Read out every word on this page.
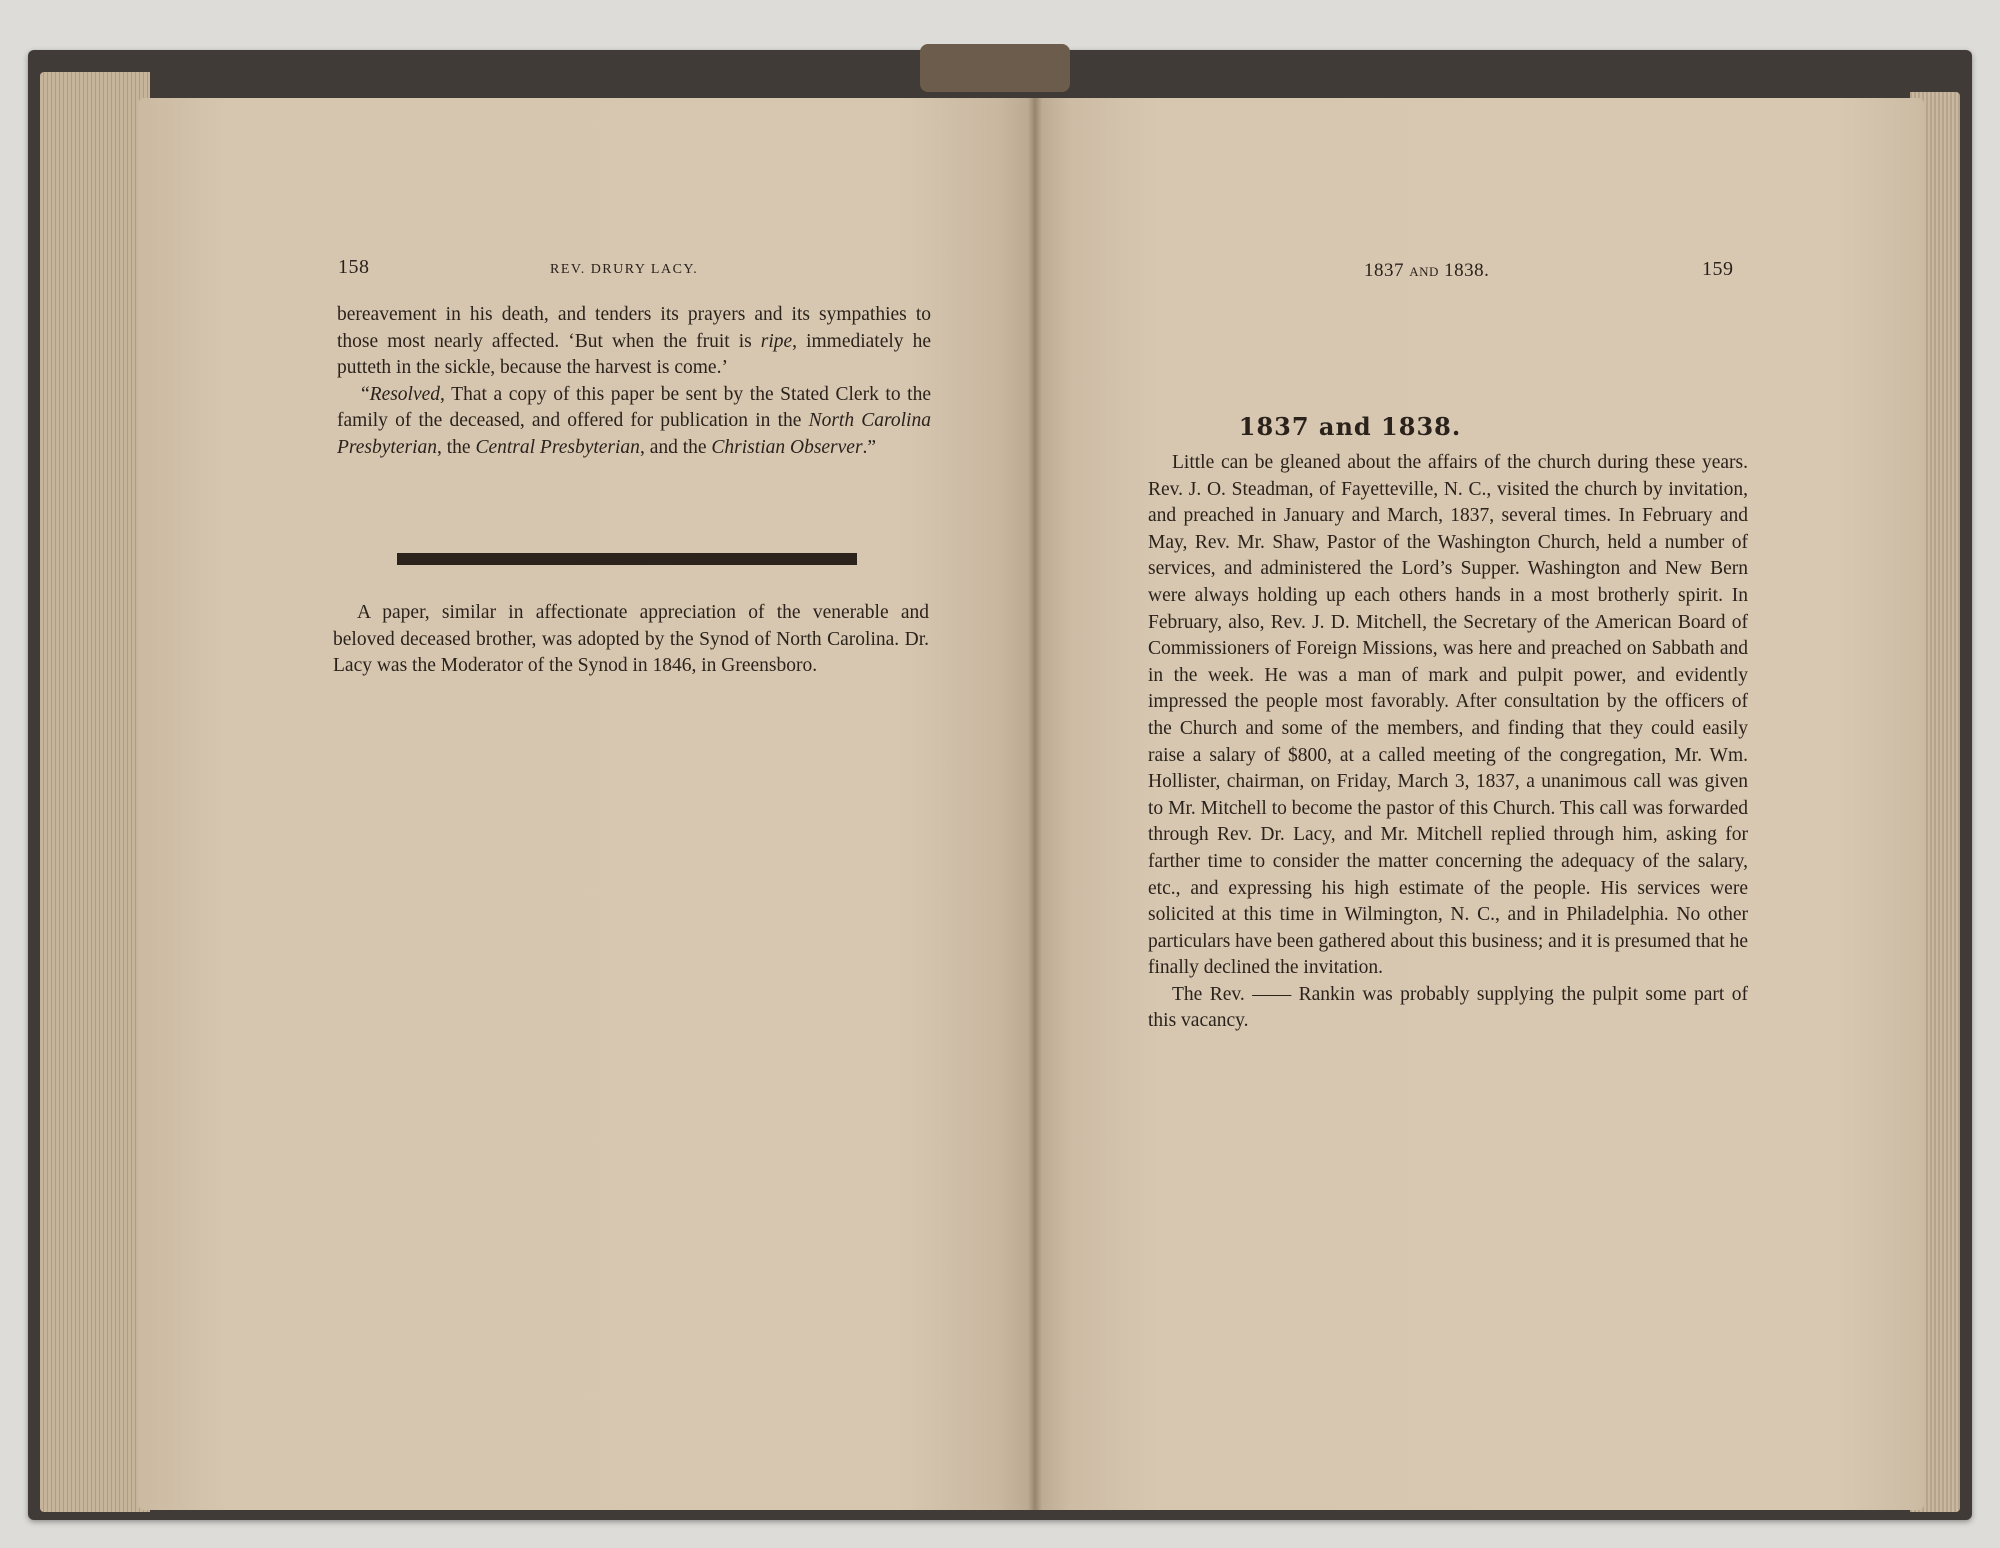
158	REV. DRURY LACY.

bereavement in his death, and tenders its prayers and its sympathies to those most nearly affected. ‘But when the fruit is ripe, immediately he putteth in the sickle, because the harvest is come.’

“Resolved, That a copy of this paper be sent by the Stated Clerk to the family of the deceased, and offered for publication in the North Carolina Presbyterian, the Central Presbyterian, and the Christian Observer.”

A paper, similar in affectionate appreciation of the venerable and beloved deceased brother, was adopted by the Synod of North Carolina. Dr. Lacy was the Moderator of the Synod in 1846, in Greensboro.

1837 and 1838.	159
1837 and 1838.

Little can be gleaned about the affairs of the church during these years. Rev. J. O. Steadman, of Fayetteville, N. C., visited the church by invitation, and preached in January and March, 1837, several times. In February and May, Rev. Mr. Shaw, Pastor of the Washington Church, held a number of services, and administered the Lord’s Supper. Washington and New Bern were always holding up each others hands in a most brotherly spirit. In February, also, Rev. J. D. Mitchell, the Secretary of the American Board of Commissioners of Foreign Missions, was here and preached on Sabbath and in the week. He was a man of mark and pulpit power, and evidently impressed the people most favorably. After consultation by the officers of the Church and some of the members, and finding that they could easily raise a salary of $800, at a called meeting of the congregation, Mr. Wm. Hollister, chairman, on Friday, March 3, 1837, a unanimous call was given to Mr. Mitchell to become the pastor of this Church. This call was forwarded through Rev. Dr. Lacy, and Mr. Mitchell replied through him, asking for farther time to consider the matter concerning the adequacy of the salary, etc., and expressing his high estimate of the people. His services were solicited at this time in Wilmington, N. C., and in Philadelphia. No other particulars have been gathered about this business; and it is presumed that he finally declined the invitation.

The Rev. —— Rankin was probably supplying the pulpit some part of this vacancy.
